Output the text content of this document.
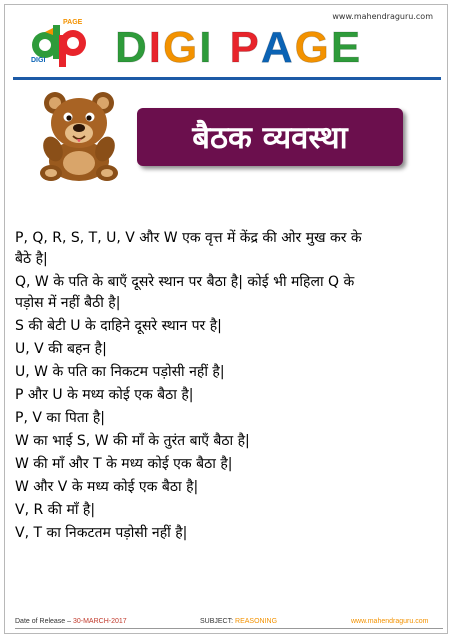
www.mahendraguru.com
PAGE
DIGI DIGI PAGE
बैठक व्यवस्था
P, Q, R, S, T, U, V और W एक वृत्त में केंद्र की ओर मुख कर के
बैठे है|
Q, W के पति के बाएँ दूसरे स्थान पर बैठा है| कोई भी महिला Q के
पड़ोस में नहीं बैठी है|
S की बेटी U के दाहिने दूसरे स्थान पर है|
U, V की बहन है|
U, W के पति का निकटम पड़ोसी नहीं है|
P और U के मध्य कोई एक बैठा है|
P, V का पिता है|
W का भाई S, W की माँ के तुरंत बाएँ बैठा है|
W की माँ और T के मध्य कोई एक बैठा है|
W और V के मध्य कोई एक बैठा है|
V, R की माँ है|
V, T का निकटतम पड़ोसी नहीं है|
Date of Release – 30-MARCH-2017	SUBJECT: REASONING	www.mahendraguru.com
